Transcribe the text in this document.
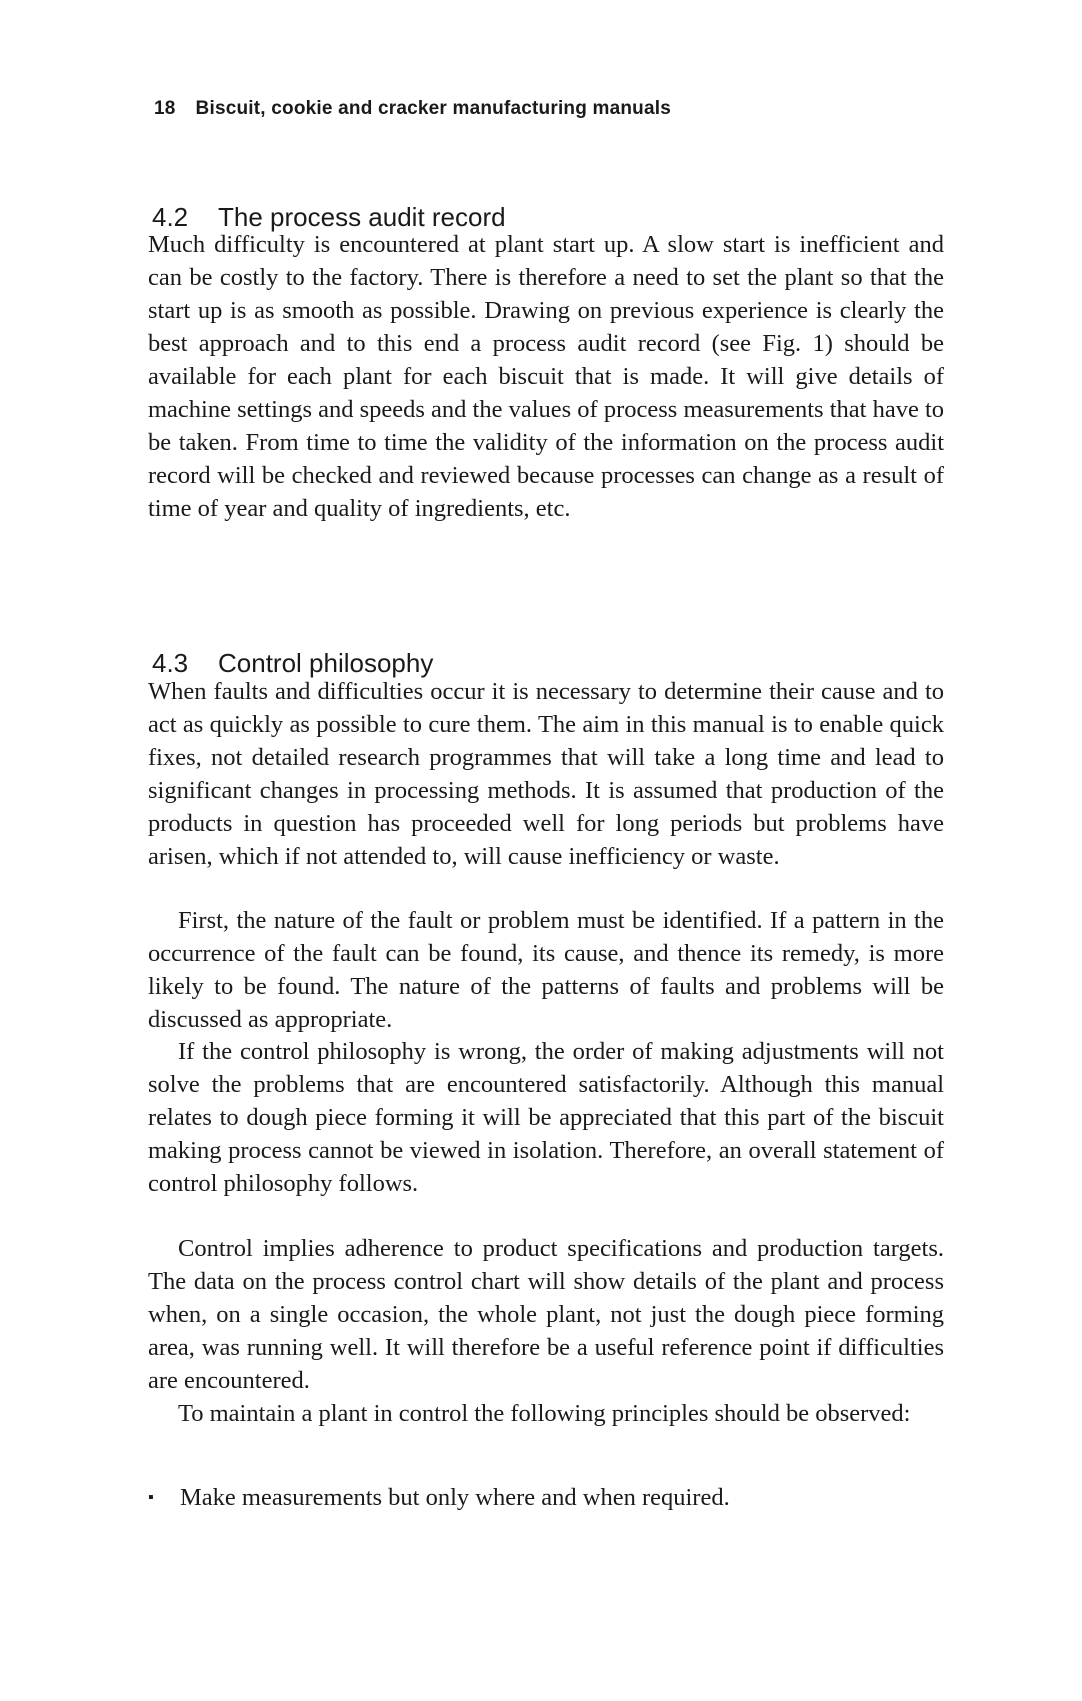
18 Biscuit, cookie and cracker manufacturing manuals
4.2 The process audit record

Much difficulty is encountered at plant start up. A slow start is inefficient and can be costly to the factory. There is therefore a need to set the plant so that the start up is as smooth as possible. Drawing on previous experience is clearly the best approach and to this end a process audit record (see Fig. 1) should be available for each plant for each biscuit that is made. It will give details of machine settings and speeds and the values of process measurements that have to be taken. From time to time the validity of the information on the process audit record will be checked and reviewed because processes can change as a result of time of year and quality of ingredients, etc.

4.3 Control philosophy

When faults and difficulties occur it is necessary to determine their cause and to act as quickly as possible to cure them. The aim in this manual is to enable quick fixes, not detailed research programmes that will take a long time and lead to significant changes in processing methods. It is assumed that production of the products in question has proceeded well for long periods but problems have arisen, which if not attended to, will cause inefficiency or waste.

First, the nature of the fault or problem must be identified. If a pattern in the occurrence of the fault can be found, its cause, and thence its remedy, is more likely to be found. The nature of the patterns of faults and problems will be discussed as appropriate.

If the control philosophy is wrong, the order of making adjustments will not solve the problems that are encountered satisfactorily. Although this manual relates to dough piece forming it will be appreciated that this part of the biscuit making process cannot be viewed in isolation. Therefore, an overall statement of control philosophy follows.

Control implies adherence to product specifications and production targets. The data on the process control chart will show details of the plant and process when, on a single occasion, the whole plant, not just the dough piece forming area, was running well. It will therefore be a useful reference point if difficulties are encountered.

To maintain a plant in control the following principles should be observed:

▪ Make measurements but only where and when required.
